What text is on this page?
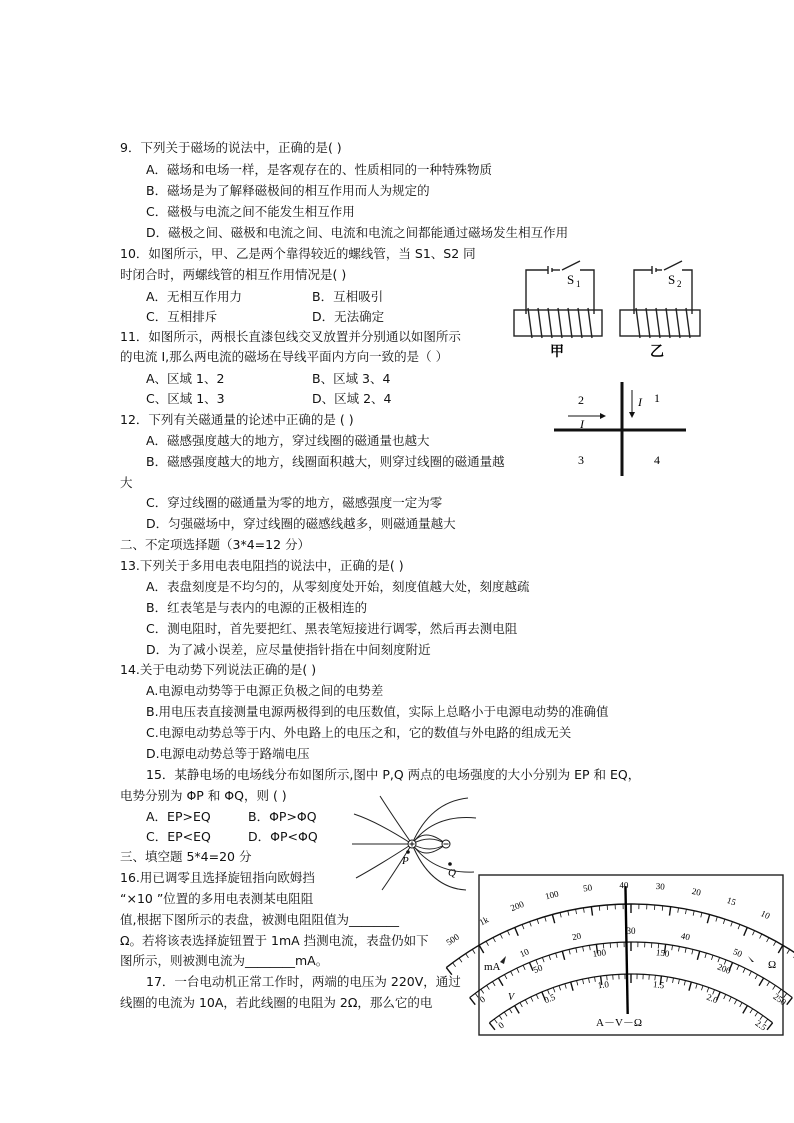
9．下列关于磁场的说法中，正确的是( )
A．磁场和电场一样，是客观存在的、性质相同的一种特殊物质
B．磁场是为了解释磁极间的相互作用而人为规定的
C．磁极与电流之间不能发生相互作用
D．磁极之间、磁极和电流之间、电流和电流之间都能通过磁场发生相互作用
10．如图所示，甲、乙是两个靠得较近的螺线管，当 S1、S2 同
时闭合时，两螺线管的相互作用情况是( )
A．无相互作用力	B．互相吸引
C．互相排斥	D．无法确定
S 1	S 2
甲	乙
11．如图所示，两根长直漆包线交叉放置并分别通以如图所示
的电流 I,那么两电流的磁场在导线平面内方向一致的是（ ）
A、区域 1、2	B、区域 3、4
C、区域 1、3	D、区域 2、4	2
I
I 1
3	4
12．下列有关磁通量的论述中正确的是 ( )
A．磁感强度越大的地方，穿过线圈的磁通量也越大
B．磁感强度越大的地方，线圈面积越大，则穿过线圈的磁通量越
大
C．穿过线圈的磁通量为零的地方，磁感强度一定为零
D．匀强磁场中，穿过线圈的磁感线越多，则磁通量越大
二、不定项选择题（3*4=12 分）
13.下列关于多用电表电阻挡的说法中，正确的是( )
A．表盘刻度是不均匀的，从零刻度处开始，刻度值越大处，刻度越疏
B．红表笔是与表内的电源的正极相连的
C．测电阻时，首先要把红、黑表笔短接进行调零，然后再去测电阻
D．为了减小误差，应尽量使指针指在中间刻度附近
14.关于电动势下列说法正确的是( )
A.电源电动势等于电源正负极之间的电势差
B.用电压表直接测量电源两极得到的电压数值，实际上总略小于电源电动势的准确值
C.电源电动势总等于内、外电路上的电压之和，它的数值与外电路的组成无关
D.电源电动势总等于路端电压
15．某静电场的电场线分布如图所示,图中 P,Q 两点的电场强度的大小分别为 EP 和 EQ，
电势分别为 ΦP 和 ΦQ，则 ( )
A．EP>EQ	B．ΦP>ΦQ
C．EP<EQ	D．ΦP<ΦQ
P
Q
三、填空题 5*4=20 分
16.用已调零且选择旋钮指向欧姆挡
“×10 ”位置的多用电表测某电阻阻
值,根据下图所示的表盘，被测电阻阻值为________
Ω。若将该表选择旋钮置于 1mA 挡测电流，表盘仍如下
图所示，则被测电流为________mA。
17．一台电动机正常工作时，两端的电压为 220V，通过
线圈的电流为 10A，若此线圈的电阻为 2Ω，那么它的电
500
1k
200
100
50	40	30	20
15
10
0
50
100	150
200
250
10
20	30	40
50
0
0.5
1.0	1.5
2.0
2.5
mA	Ω
V
A－V－Ω
